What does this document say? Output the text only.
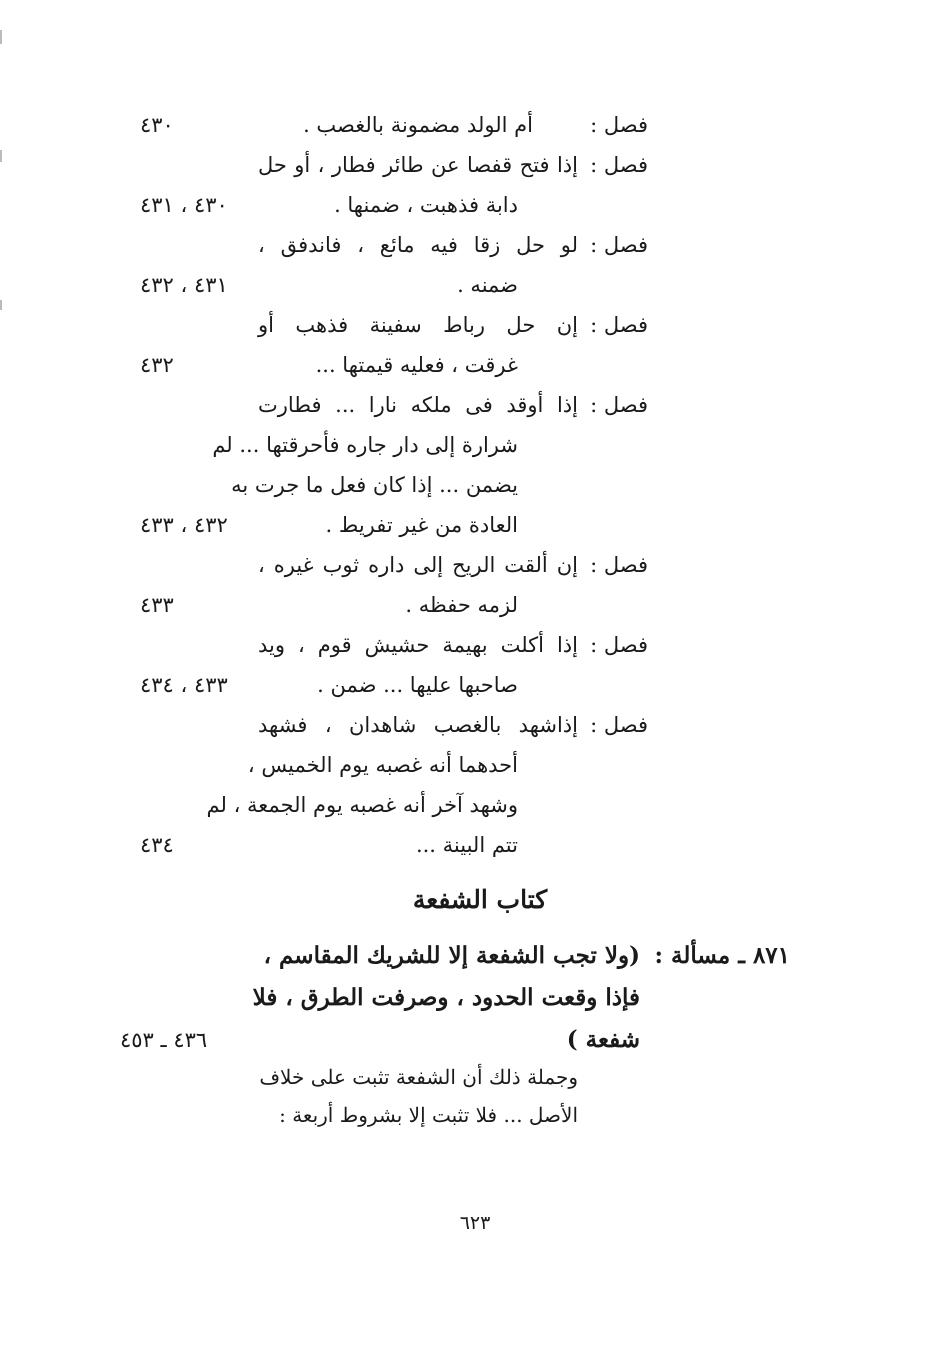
فصل :
أم الولد مضمونة بالغصب .
٤٣٠
فصل :
إذا فتح قفصا عن طائر فطار ، أو حل
دابة فذهبت ، ضمنها .
٤٣٠ ، ٤٣١
فصل :
لو حل زقا فيه مائع ، فاندفق ،
ضمنه .
٤٣١ ، ٤٣٢
فصل :
إن حل رباط سفينة فذهب أو
غرقت ، فعليه قيمتها ...
٤٣٢
فصل :
إذا أوقد فى ملكه نارا ... فطارت
شرارة إلى دار جاره فأحرقتها ... لم
يضمن ... إذا كان فعل ما جرت به
العادة من غير تفريط .
٤٣٢ ، ٤٣٣
فصل :
إن ألقت الريح إلى داره ثوب غيره ،
لزمه حفظه .
٤٣٣
فصل :
إذا أكلت بهيمة حشيش قوم ، ويد
صاحبها عليها ... ضمن .
٤٣٣ ، ٤٣٤
فصل :
إذاشهد بالغصب شاهدان ، فشهد
أحدهما أنه غصبه يوم الخميس ،
وشهد آخر أنه غصبه يوم الجمعة ، لم
تتم البينة ...
٤٣٤
كتاب الشفعة
٨٧١ ـ مسألة :
(ولا تجب الشفعة إلا للشريك المقاسم ،
فإذا وقعت الحدود ، وصرفت الطرق ، فلا
شفعة )
٤٣٦ ـ ٤٥٣
وجملة ذلك أن الشفعة تثبت على خلاف
الأصل ... فلا تثبت إلا بشروط أربعة :
٦٢٣
